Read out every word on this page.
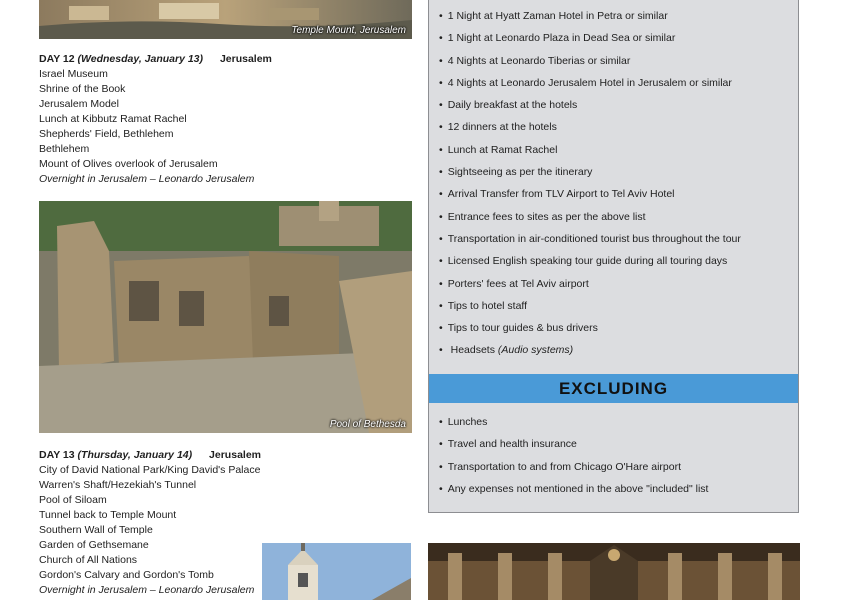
Temple Mount, Jerusalem
DAY 12 (Wednesday, January 13) Jerusalem
Israel Museum
Shrine of the Book
Jerusalem Model
Lunch at Kibbutz Ramat Rachel
Shepherds' Field, Bethlehem
Bethlehem
Mount of Olives overlook of Jerusalem
Overnight in Jerusalem – Leonardo Jerusalem
Pool of Bethesda
DAY 13 (Thursday, January 14) Jerusalem
City of David National Park/King David's Palace
Warren's Shaft/Hezekiah's Tunnel
Pool of Siloam
Tunnel back to Temple Mount
Southern Wall of Temple
Garden of Gethsemane
Church of All Nations
Gordon's Calvary and Gordon's Tomb
Overnight in Jerusalem – Leonardo Jerusalem
• 1 Night at Hyatt Zaman Hotel in Petra or similar
• 1 Night at Leonardo Plaza in Dead Sea or similar
• 4 Nights at Leonardo Tiberias or similar
• 4 Nights at Leonardo Jerusalem Hotel in Jerusalem or similar
• Daily breakfast at the hotels
• 12 dinners at the hotels
• Lunch at Ramat Rachel
• Sightseeing as per the itinerary
• Arrival Transfer from TLV Airport to Tel Aviv Hotel
• Entrance fees to sites as per the above list
• Transportation in air-conditioned tourist bus throughout the tour
• Licensed English speaking tour guide during all touring days
• Porters' fees at Tel Aviv airport
• Tips to hotel staff
• Tips to tour guides & bus drivers
• Headsets (Audio systems)
EXCLUDING
• Lunches
• Travel and health insurance
• Transportation to and from Chicago O'Hare airport
• Any expenses not mentioned in the above "included" list
